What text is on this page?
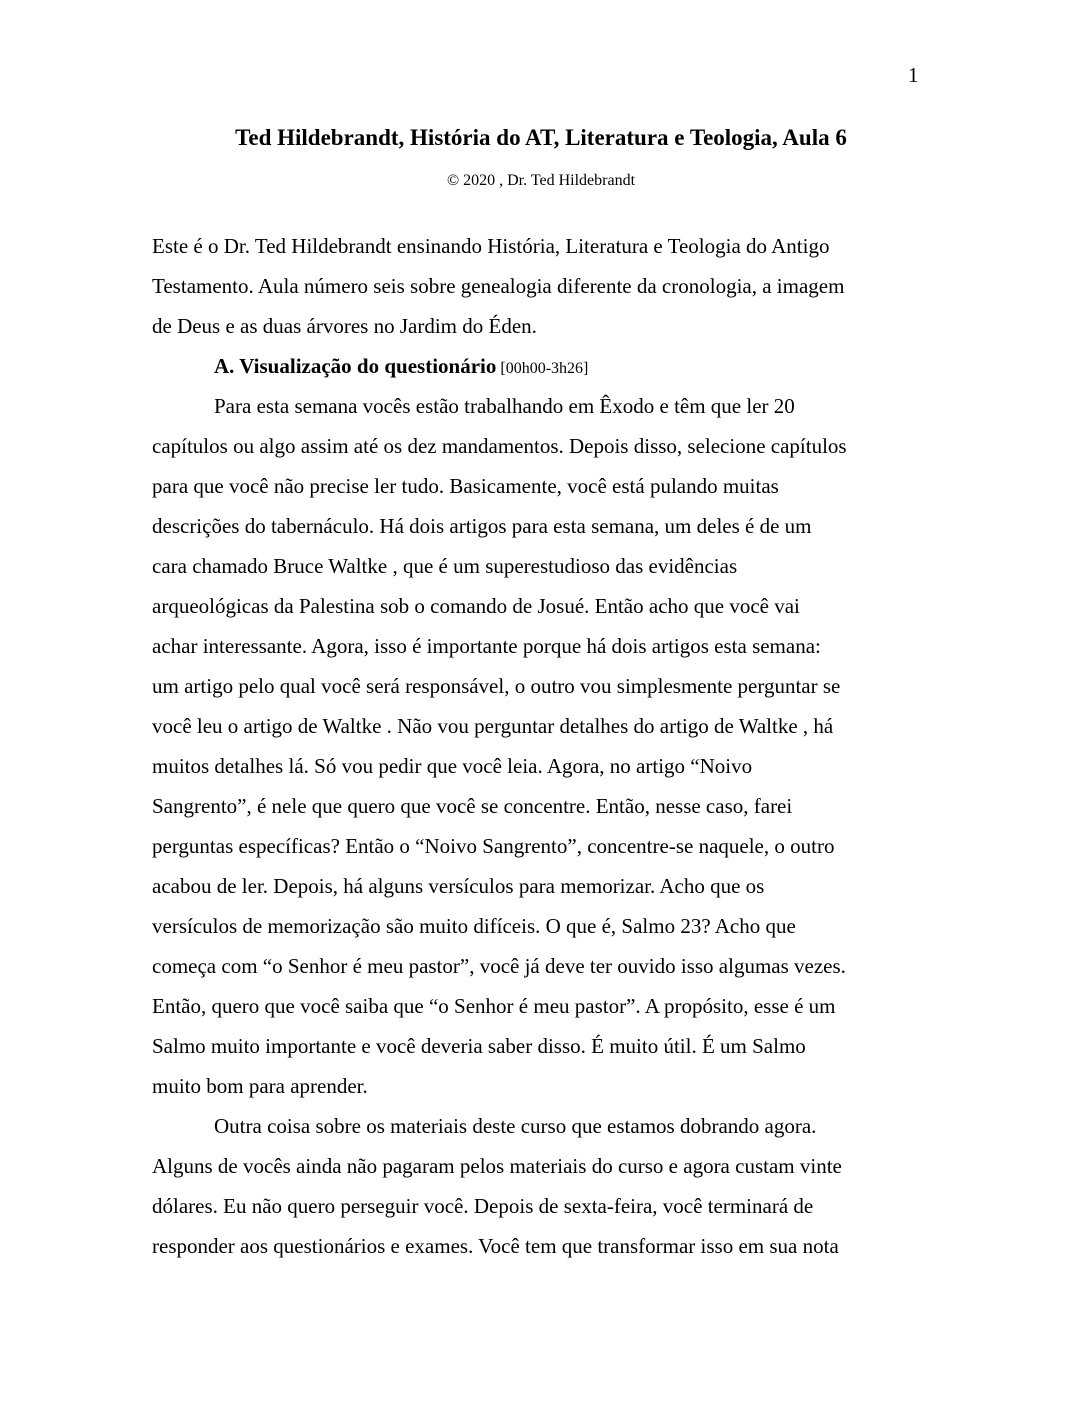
1
Ted Hildebrandt, História do AT, Literatura e Teologia, Aula 6
© 2020 , Dr. Ted Hildebrandt
Este é o Dr. Ted Hildebrandt ensinando História, Literatura e Teologia do Antigo
Testamento. Aula número seis sobre genealogia diferente da cronologia, a imagem
de Deus e as duas árvores no Jardim do Éden.
A. Visualização do questionário [00h00-3h26]
Para esta semana vocês estão trabalhando em Êxodo e têm que ler 20
capítulos ou algo assim até os dez mandamentos. Depois disso, selecione capítulos
para que você não precise ler tudo. Basicamente, você está pulando muitas
descrições do tabernáculo. Há dois artigos para esta semana, um deles é de um
cara chamado Bruce Waltke , que é um superestudioso das evidências
arqueológicas da Palestina sob o comando de Josué. Então acho que você vai
achar interessante. Agora, isso é importante porque há dois artigos esta semana:
um artigo pelo qual você será responsável, o outro vou simplesmente perguntar se
você leu o artigo de Waltke . Não vou perguntar detalhes do artigo de Waltke , há
muitos detalhes lá. Só vou pedir que você leia. Agora, no artigo “Noivo
Sangrento”, é nele que quero que você se concentre. Então, nesse caso, farei
perguntas específicas? Então o “Noivo Sangrento”, concentre-se naquele, o outro
acabou de ler. Depois, há alguns versículos para memorizar. Acho que os
versículos de memorização são muito difíceis. O que é, Salmo 23? Acho que
começa com “o Senhor é meu pastor”, você já deve ter ouvido isso algumas vezes.
Então, quero que você saiba que “o Senhor é meu pastor”. A propósito, esse é um
Salmo muito importante e você deveria saber disso. É muito útil. É um Salmo
muito bom para aprender.
Outra coisa sobre os materiais deste curso que estamos dobrando agora.
Alguns de vocês ainda não pagaram pelos materiais do curso e agora custam vinte
dólares. Eu não quero perseguir você. Depois de sexta-feira, você terminará de
responder aos questionários e exames. Você tem que transformar isso em sua nota
